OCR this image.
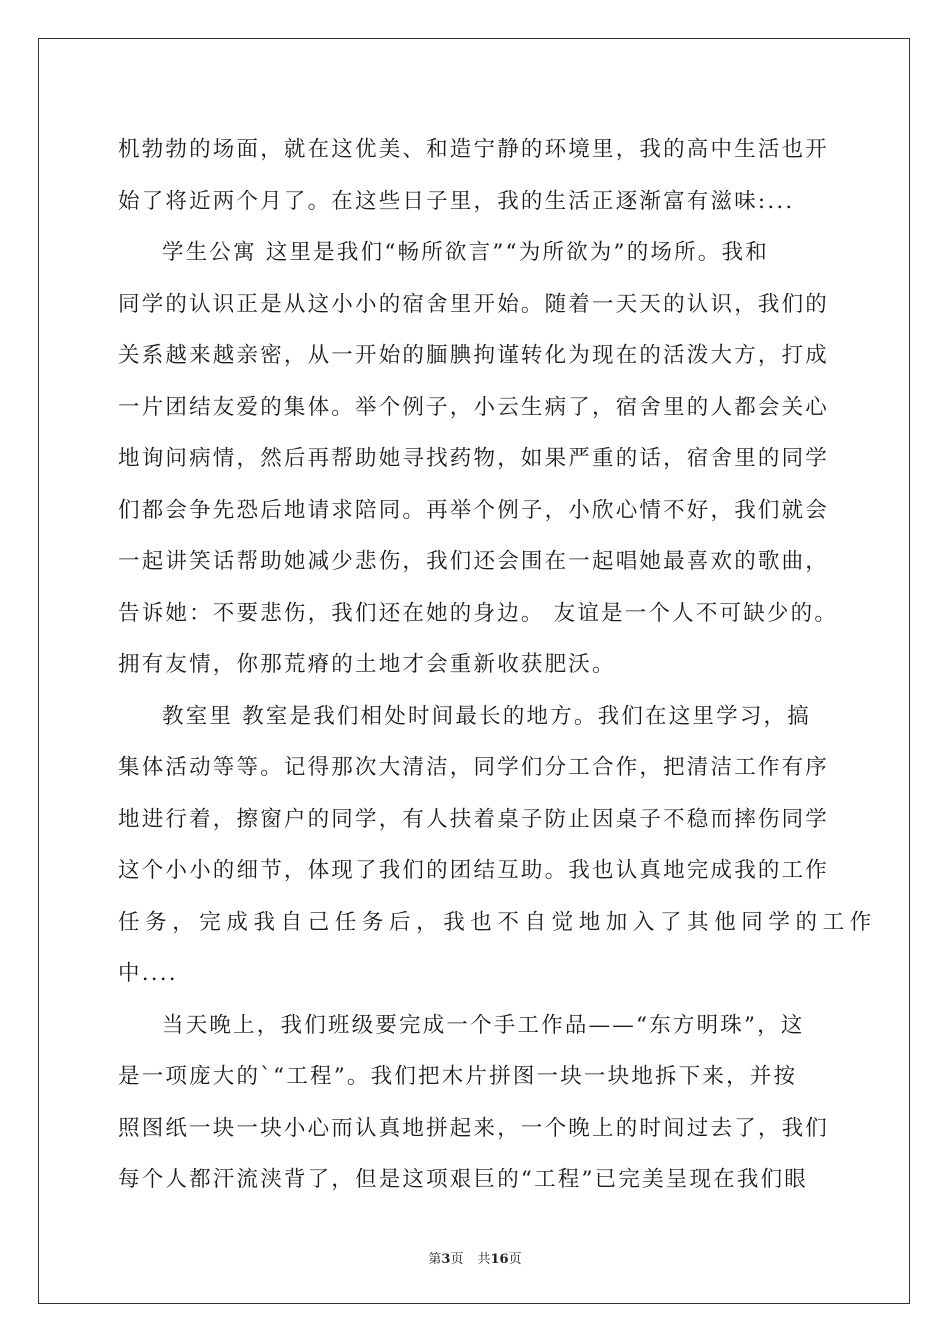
机勃勃的场面，就在这优美、和造宁静的环境里，我的高中生活也开
始了将近两个月了。在这些日子里，我的生活正逐渐富有滋味:...
学生公寓 这里是我们“畅所欲言”“为所欲为”的场所。我和
同学的认识正是从这小小的宿舍里开始。随着一天天的认识，我们的
关系越来越亲密，从一开始的腼腆拘谨转化为现在的活泼大方，打成
一片团结友爱的集体。举个例子，小云生病了，宿舍里的人都会关心
地询问病情，然后再帮助她寻找药物，如果严重的话，宿舍里的同学
们都会争先恐后地请求陪同。再举个例子，小欣心情不好，我们就会
一起讲笑话帮助她减少悲伤，我们还会围在一起唱她最喜欢的歌曲，
告诉她：不要悲伤，我们还在她的身边。 友谊是一个人不可缺少的。
拥有友情，你那荒瘠的土地才会重新收获肥沃。
教室里 教室是我们相处时间最长的地方。我们在这里学习，搞
集体活动等等。记得那次大清洁，同学们分工合作，把清洁工作有序
地进行着，擦窗户的同学，有人扶着桌子防止因桌子不稳而摔伤同学
这个小小的细节，体现了我们的团结互助。我也认真地完成我的工作
任务，完成我自己任务后，我也不自觉地加入了其他同学的工作
中....
当天晚上，我们班级要完成一个手工作品——“东方明珠”，这
是一项庞大的`“工程”。我们把木片拼图一块一块地拆下来，并按
照图纸一块一块小心而认真地拼起来，一个晚上的时间过去了，我们
每个人都汗流浃背了，但是这项艰巨的“工程”已完美呈现在我们眼
第3页 共16页
